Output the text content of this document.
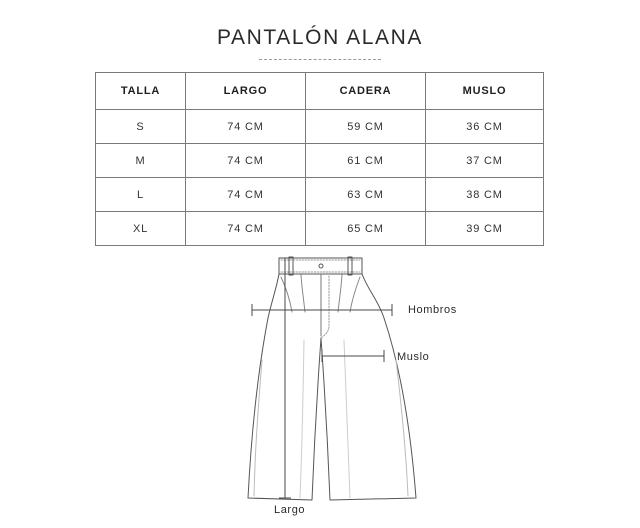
PANTALÓN ALANA
TALLA	LARGO	CADERA	MUSLO
S	74 CM	59 CM	36 CM
M	74 CM	61 CM	37 CM
L	74 CM	63 CM	38 CM
XL	74 CM	65 CM	39 CM
Hombros
Muslo
Largo
